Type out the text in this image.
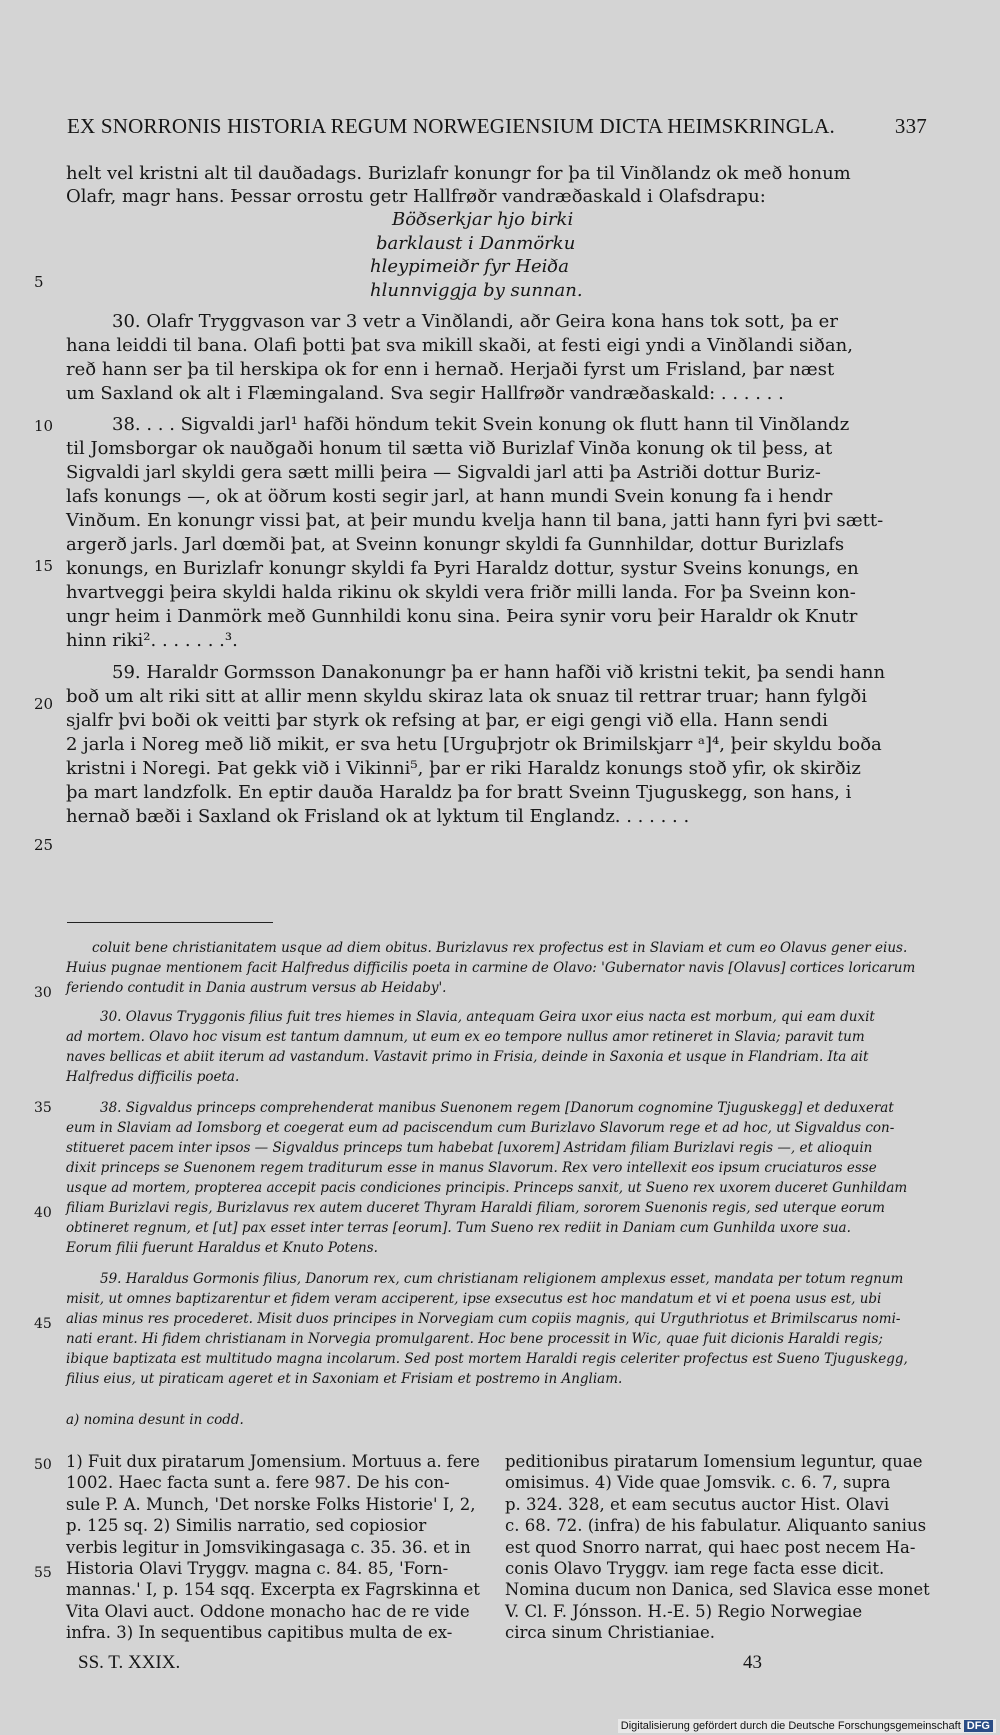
EX SNORRONIS HISTORIA REGUM NORWEGIENSIUM DICTA HEIMSKRINGLA.	337
helt vel kristni alt til dauðadags. Burizlafr konungr for þa til Vinðlandz ok með honum
Olafr, magr hans. Þessar orrostu getr Hallfrøðr vandræðaskald i Olafsdrapu:
Böðserkjar hjo birki
barklaust i Danmörku
hleypimeiðr fyr Heiða
hlunnviggja by sunnan.
30. Olafr Tryggvason var 3 vetr a Vinðlandi, aðr Geira kona hans tok sott, þa er
hana leiddi til bana. Olafi þotti þat sva mikill skaði, at festi eigi yndi a Vinðlandi siðan,
reð hann ser þa til herskipa ok for enn i hernað. Herjaði fyrst um Frisland, þar næst
um Saxland ok alt i Flæmingaland. Sva segir Hallfrøðr vandræðaskald: . . . . . .
38. . . . Sigvaldi jarl¹ hafði höndum tekit Svein konung ok flutt hann til Vinðlandz
til Jomsborgar ok nauðgaði honum til sætta við Burizlaf Vinða konung ok til þess, at
Sigvaldi jarl skyldi gera sætt milli þeira — Sigvaldi jarl atti þa Astriði dottur Buriz-
lafs konungs —, ok at öðrum kosti segir jarl, at hann mundi Svein konung fa i hendr
Vinðum. En konungr vissi þat, at þeir mundu kvelja hann til bana, jatti hann fyri þvi sætt-
argerð jarls. Jarl dœmði þat, at Sveinn konungr skyldi fa Gunnhildar, dottur Burizlafs
konungs, en Burizlafr konungr skyldi fa Þyri Haraldz dottur, systur Sveins konungs, en
hvartveggi þeira skyldi halda rikinu ok skyldi vera friðr milli landa. For þa Sveinn kon-
ungr heim i Danmörk með Gunnhildi konu sina. Þeira synir voru þeir Haraldr ok Knutr
hinn riki². . . . . . .³.
59. Haraldr Gormsson Danakonungr þa er hann hafði við kristni tekit, þa sendi hann
boð um alt riki sitt at allir menn skyldu skiraz lata ok snuaz til rettrar truar; hann fylgði
sjalfr þvi boði ok veitti þar styrk ok refsing at þar, er eigi gengi við ella. Hann sendi
2 jarla i Noreg með lið mikit, er sva hetu [Urguþrjotr ok Brimilskjarr ᵃ]⁴, þeir skyldu boða
kristni i Noregi. Þat gekk við i Vikinni⁵, þar er riki Haraldz konungs stoð yfir, ok skirðiz
þa mart landzfolk. En eptir dauða Haraldz þa for bratt Sveinn Tjuguskegg, son hans, i
hernað bæði i Saxland ok Frisland ok at lyktum til Englandz. . . . . . .
5
10
15
20
25
30
35
40
45
50
55
coluit bene christianitatem usque ad diem obitus. Burizlavus rex profectus est in Slaviam et cum eo Olavus gener eius.
Huius pugnae mentionem facit Halfredus difficilis poeta in carmine de Olavo: 'Gubernator navis [Olavus] cortices loricarum
feriendo contudit in Dania austrum versus ab Heidaby'.
30. Olavus Tryggonis filius fuit tres hiemes in Slavia, antequam Geira uxor eius nacta est morbum, qui eam duxit
ad mortem. Olavo hoc visum est tantum damnum, ut eum ex eo tempore nullus amor retineret in Slavia; paravit tum
naves bellicas et abiit iterum ad vastandum. Vastavit primo in Frisia, deinde in Saxonia et usque in Flandriam. Ita ait
Halfredus difficilis poeta.
38. Sigvaldus princeps comprehenderat manibus Suenonem regem [Danorum cognomine Tjuguskegg] et deduxerat
eum in Slaviam ad Iomsborg et coegerat eum ad paciscendum cum Burizlavo Slavorum rege et ad hoc, ut Sigvaldus con-
stitueret pacem inter ipsos — Sigvaldus princeps tum habebat [uxorem] Astridam filiam Burizlavi regis —, et alioquin
dixit princeps se Suenonem regem traditurum esse in manus Slavorum. Rex vero intellexit eos ipsum cruciaturos esse
usque ad mortem, propterea accepit pacis condiciones principis. Princeps sanxit, ut Sueno rex uxorem duceret Gunhildam
filiam Burizlavi regis, Burizlavus rex autem duceret Thyram Haraldi filiam, sororem Suenonis regis, sed uterque eorum
obtineret regnum, et [ut] pax esset inter terras [eorum]. Tum Sueno rex rediit in Daniam cum Gunhilda uxore sua.
Eorum filii fuerunt Haraldus et Knuto Potens.
59. Haraldus Gormonis filius, Danorum rex, cum christianam religionem amplexus esset, mandata per totum regnum
misit, ut omnes baptizarentur et fidem veram acciperent, ipse exsecutus est hoc mandatum et vi et poena usus est, ubi
alias minus res procederet. Misit duos principes in Norvegiam cum copiis magnis, qui Urguthriotus et Brimilscarus nomi-
nati erant. Hi fidem christianam in Norvegia promulgarent. Hoc bene processit in Wic, quae fuit dicionis Haraldi regis;
ibique baptizata est multitudo magna incolarum. Sed post mortem Haraldi regis celeriter profectus est Sueno Tjuguskegg,
filius eius, ut piraticam ageret et in Saxoniam et Frisiam et postremo in Angliam.
a) nomina desunt in codd.
1) Fuit dux piratarum Jomensium. Mortuus a. fere
1002. Haec facta sunt a. fere 987. De his con-
sule P. A. Munch, 'Det norske Folks Historie' I, 2,
p. 125 sq. 2) Similis narratio, sed copiosior
verbis legitur in Jomsvikingasaga c. 35. 36. et in
Historia Olavi Tryggv. magna c. 84. 85, 'Forn-
mannas.' I, p. 154 sqq. Excerpta ex Fagrskinna et
Vita Olavi auct. Oddone monacho hac de re vide
infra. 3) In sequentibus capitibus multa de ex-
peditionibus piratarum Iomensium leguntur, quae
omisimus. 4) Vide quae Jomsvik. c. 6. 7, supra
p. 324. 328, et eam secutus auctor Hist. Olavi
c. 68. 72. (infra) de his fabulatur. Aliquanto sanius
est quod Snorro narrat, qui haec post necem Ha-
conis Olavo Tryggv. iam rege facta esse dicit.
Nomina ducum non Danica, sed Slavica esse monet
V. Cl. F. Jónsson. H.-E. 5) Regio Norwegiae
circa sinum Christianiae.
SS. T. XXIX.	43
Digitalisierung gefördert durch die Deutsche Forschungsgemeinschaft DFG
